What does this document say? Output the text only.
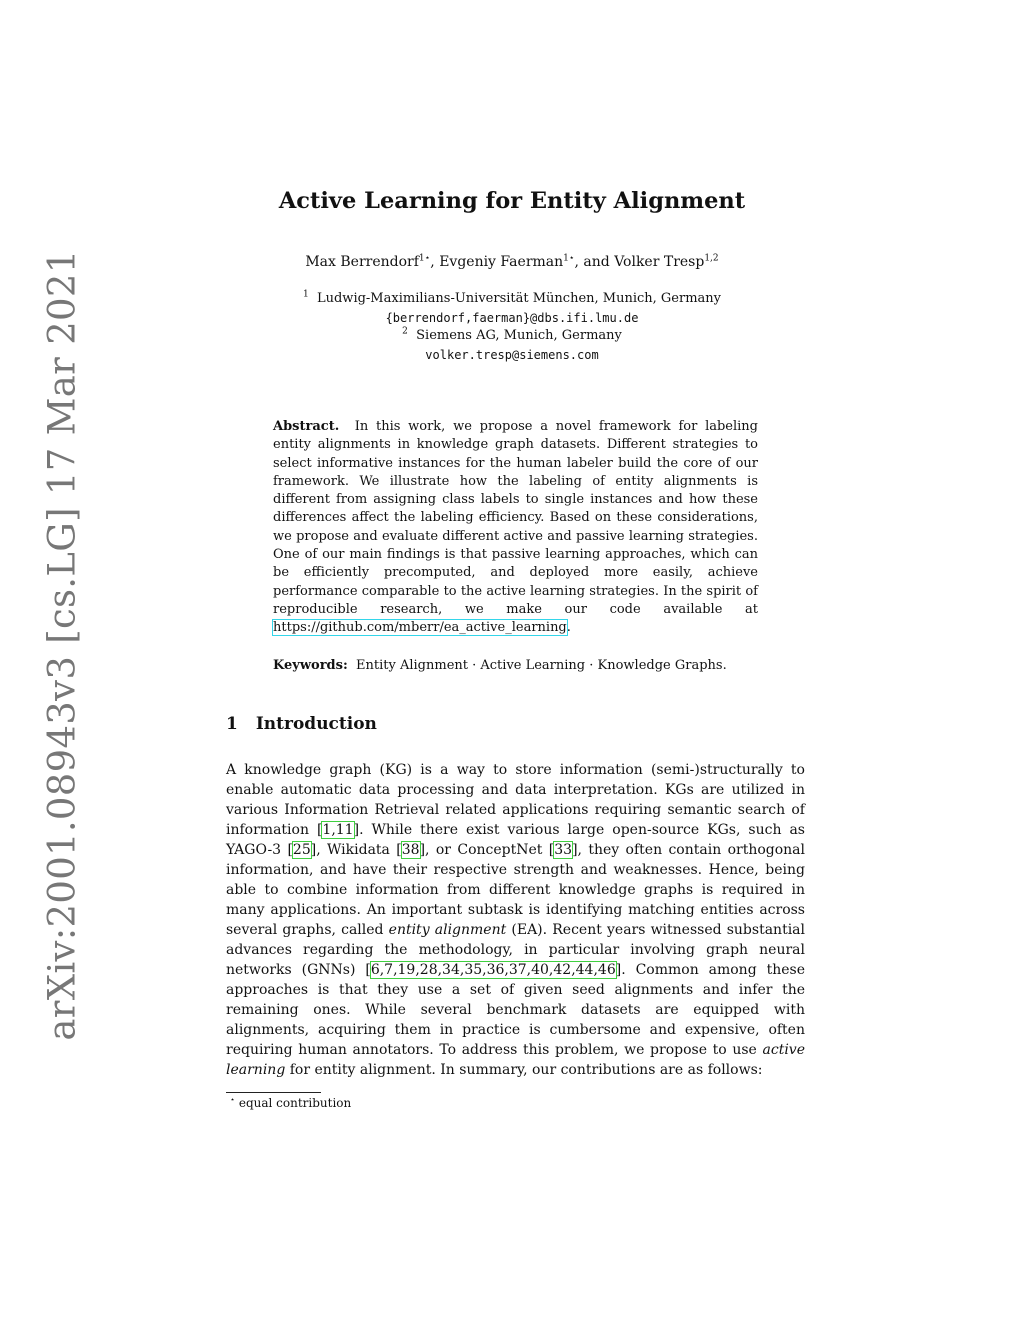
arXiv:2001.08943v3 [cs.LG] 17 Mar 2021
Active Learning for Entity Alignment
Max Berrendorf$^{1⋆}$, Evgeniy Faerman$^{1⋆}$, and Volker Tresp$^{1,2}$
$^1$ Ludwig-Maximilians-Universität München, Munich, Germany
{berrendorf,faerman}@dbs.ifi.lmu.de
$^2$ Siemens AG, Munich, Germany
volker.tresp@siemens.com
Abstract. In this work, we propose a novel framework for labeling entity alignments in knowledge graph datasets. Different strategies to select informative instances for the human labeler build the core of our framework. We illustrate how the labeling of entity alignments is different from assigning class labels to single instances and how these differences affect the labeling efficiency. Based on these considerations, we propose and evaluate different active and passive learning strategies. One of our main findings is that passive learning approaches, which can be efficiently precomputed, and deployed more easily, achieve performance comparable to the active learning strategies. In the spirit of reproducible research, we make our code available at https://github.com/mberr/ea_active_learning.
Keywords: Entity Alignment · Active Learning · Knowledge Graphs.
1 Introduction
A knowledge graph (KG) is a way to store information (semi-)structurally to enable automatic data processing and data interpretation. KGs are utilized in various Information Retrieval related applications requiring semantic search of information [1,11]. While there exist various large open-source KGs, such as YAGO-3 [25], Wikidata [38], or ConceptNet [33], they often contain orthogonal information, and have their respective strength and weaknesses. Hence, being able to combine information from different knowledge graphs is required in many applications. An important subtask is identifying matching entities across several graphs, called entity alignment (EA). Recent years witnessed substantial advances regarding the methodology, in particular involving graph neural networks (GNNs) [6,7,19,28,34,35,36,37,40,42,44,46]. Common among these approaches is that they use a set of given seed alignments and infer the remaining ones. While several benchmark datasets are equipped with alignments, acquiring them in practice is cumbersome and expensive, often requiring human annotators. To address this problem, we propose to use active learning for entity alignment. In summary, our contributions are as follows:
⋆ equal contribution
